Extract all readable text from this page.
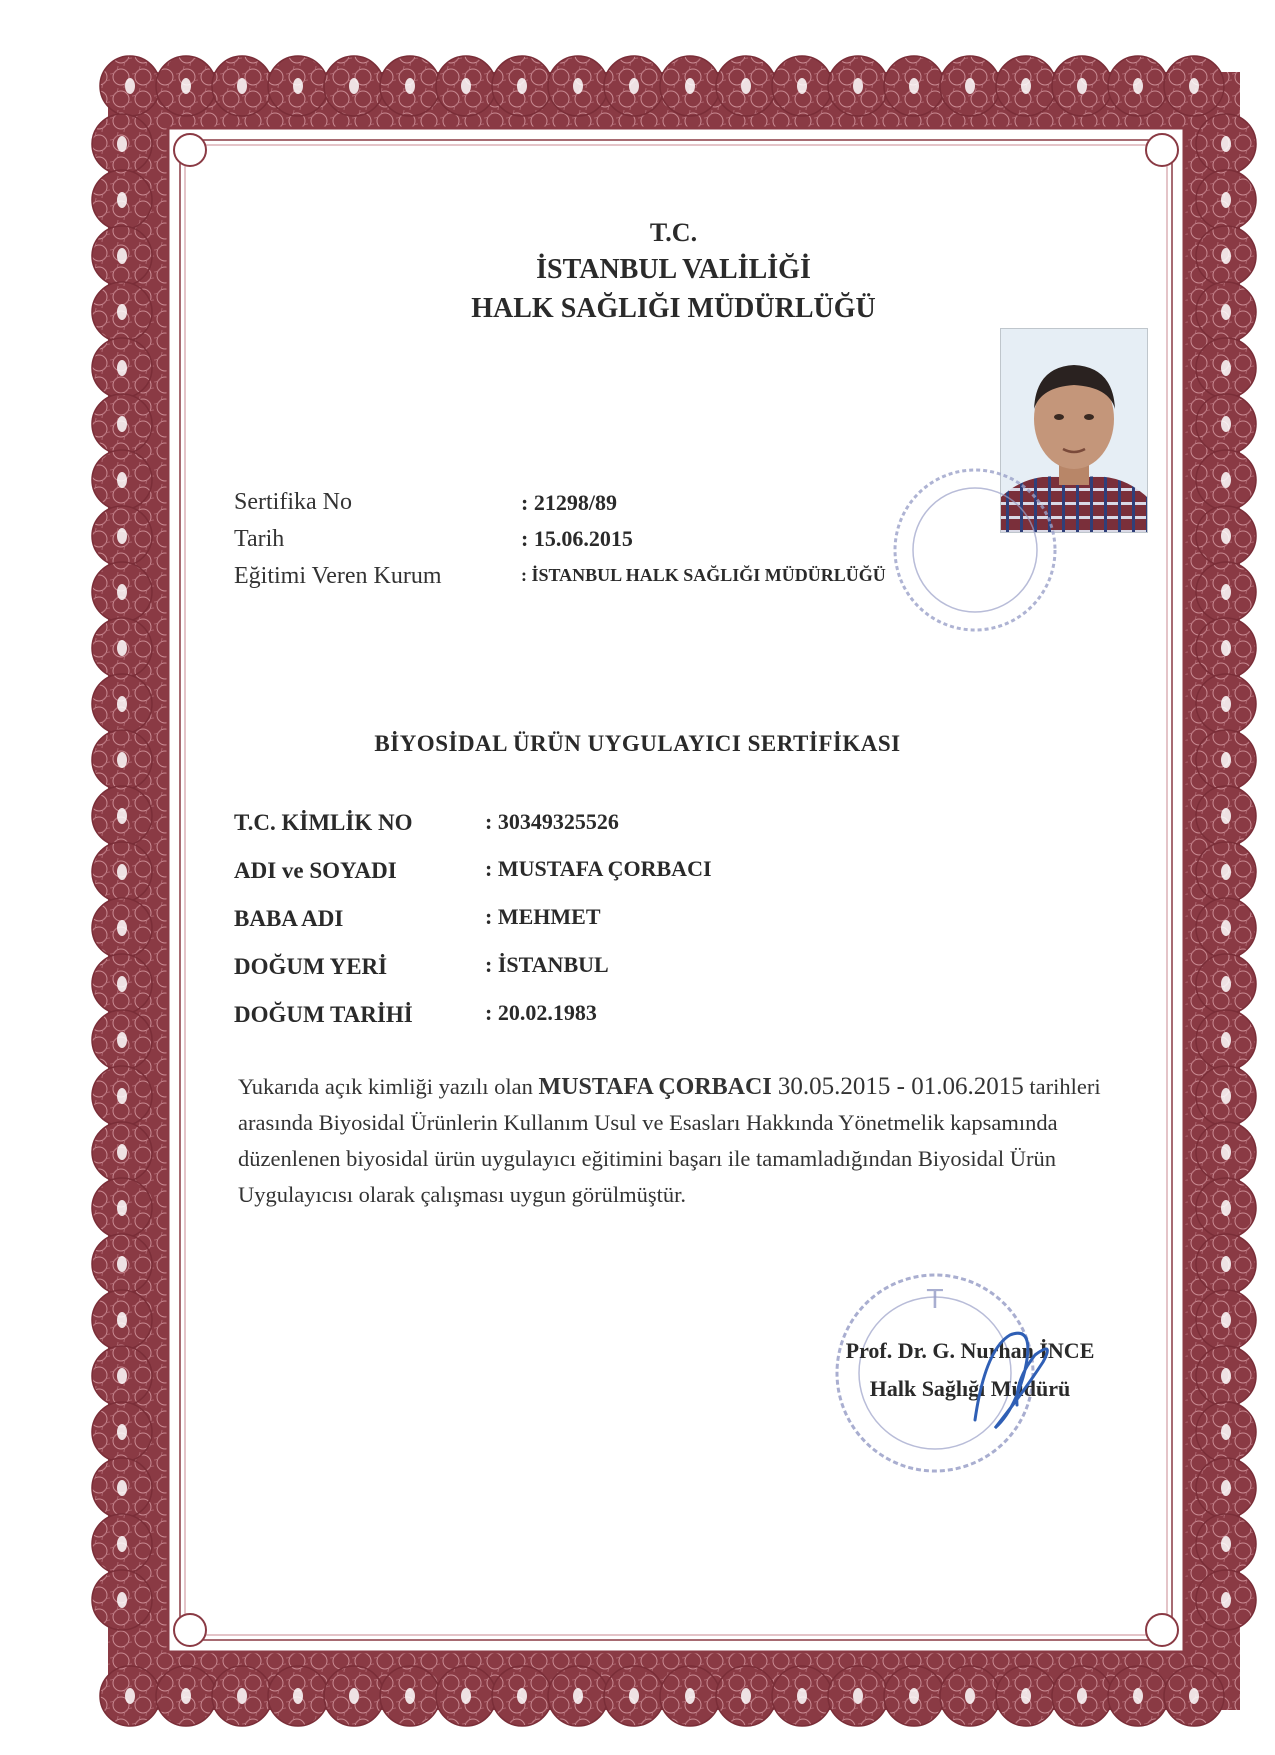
T.C.
İSTANBUL VALİLİĞİ
HALK SAĞLIĞI MÜDÜRLÜĞÜ
Sertifika No	: 21298/89
Tarih	: 15.06.2015
Eğitimi Veren Kurum	: İSTANBUL HALK SAĞLIĞI MÜDÜRLÜĞÜ
BİYOSİDAL ÜRÜN UYGULAYICI SERTİFİKASI
T.C. KİMLİK NO	: 30349325526
ADI ve SOYADI	: MUSTAFA ÇORBACI
BABA ADI	: MEHMET
DOĞUM YERİ	: İSTANBUL
DOĞUM TARİHİ	: 20.02.1983
Yukarıda açık kimliği yazılı olan MUSTAFA ÇORBACI 30.05.2015 - 01.06.2015 tarihleri arasında Biyosidal Ürünlerin Kullanım Usul ve Esasları Hakkında Yönetmelik kapsamında düzenlenen biyosidal ürün uygulayıcı eğitimini başarı ile tamamladığından Biyosidal Ürün Uygulayıcısı olarak çalışması uygun görülmüştür.
T
Prof. Dr. G. Nurhan İNCE
Halk Sağlığı Müdürü
